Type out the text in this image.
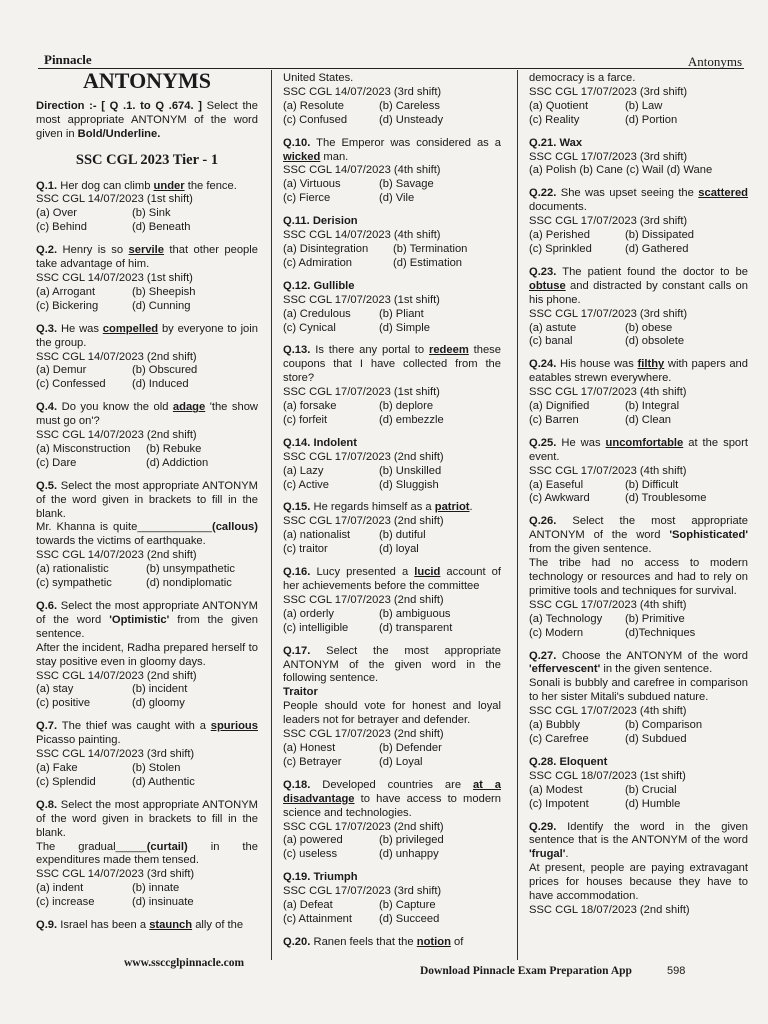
Pinnacle	Antonyms
ANTONYMS
Direction :- [ Q .1. to Q .674. ] Select the most appropriate ANTONYM of the word given in Bold/Underline.
SSC CGL 2023 Tier - 1
Q.1. Her dog can climb under the fence.
SSC CGL 14/07/2023 (1st shift)
(a) Over	(b) Sink
(c) Behind	(d) Beneath
Q.2. Henry is so servile that other people take advantage of him.
SSC CGL 14/07/2023 (1st shift)
(a) Arrogant	(b) Sheepish
(c) Bickering	(d) Cunning
Q.3. He was compelled by everyone to join the group.
SSC CGL 14/07/2023 (2nd shift)
(a) Demur	(b) Obscured
(c) Confessed	(d) Induced
Q.4. Do you know the old adage 'the show must go on'?
SSC CGL 14/07/2023 (2nd shift)
(a) Misconstruction	(b) Rebuke
(c) Dare	(d) Addiction
Q.5. Select the most appropriate ANTONYM of the word given in brackets to fill in the blank.
Mr. Khanna is quite____________(callous) towards the victims of earthquake.
SSC CGL 14/07/2023 (2nd shift)
(a) rationalistic	(b) unsympathetic
(c) sympathetic	(d) nondiplomatic
Q.6. Select the most appropriate ANTONYM of the word 'Optimistic' from the given sentence.
After the incident, Radha prepared herself to stay positive even in gloomy days.
SSC CGL 14/07/2023 (2nd shift)
(a) stay	(b) incident
(c) positive	(d) gloomy
Q.7. The thief was caught with a spurious Picasso painting.
SSC CGL 14/07/2023 (3rd shift)
(a) Fake	(b) Stolen
(c) Splendid	(d) Authentic
Q.8. Select the most appropriate ANTONYM of the word given in brackets to fill in the blank.
The gradual_____(curtail) in the expenditures made them tensed.
SSC CGL 14/07/2023 (3rd shift)
(a) indent	(b) innate
(c) increase	(d) insinuate
Q.9. Israel has been a staunch ally of the
United States.
SSC CGL 14/07/2023 (3rd shift)
(a) Resolute	(b) Careless
(c) Confused	(d) Unsteady
Q.10. The Emperor was considered as a wicked man.
SSC CGL 14/07/2023 (4th shift)
(a) Virtuous	(b) Savage
(c) Fierce	(d) Vile
Q.11. Derision
SSC CGL 14/07/2023 (4th shift)
(a) Disintegration	(b) Termination
(c) Admiration	(d) Estimation
Q.12. Gullible
SSC CGL 17/07/2023 (1st shift)
(a) Credulous	(b) Pliant
(c) Cynical	(d) Simple
Q.13. Is there any portal to redeem these coupons that I have collected from the store?
SSC CGL 17/07/2023 (1st shift)
(a) forsake	(b) deplore
(c) forfeit	(d) embezzle
Q.14. Indolent
SSC CGL 17/07/2023 (2nd shift)
(a) Lazy	(b) Unskilled
(c) Active	(d) Sluggish
Q.15. He regards himself as a patriot.
SSC CGL 17/07/2023 (2nd shift)
(a) nationalist	(b) dutiful
(c) traitor	(d) loyal
Q.16. Lucy presented a lucid account of her achievements before the committee
SSC CGL 17/07/2023 (2nd shift)
(a) orderly	(b) ambiguous
(c) intelligible	(d) transparent
Q.17. Select the most appropriate ANTONYM of the given word in the following sentence.
Traitor
People should vote for honest and loyal leaders not for betrayer and defender.
SSC CGL 17/07/2023 (2nd shift)
(a) Honest	(b) Defender
(c) Betrayer	(d) Loyal
Q.18. Developed countries are at a disadvantage to have access to modern science and technologies.
SSC CGL 17/07/2023 (2nd shift)
(a) powered	(b) privileged
(c) useless	(d) unhappy
Q.19. Triumph
SSC CGL 17/07/2023 (3rd shift)
(a) Defeat	(b) Capture
(c) Attainment	(d) Succeed
Q.20. Ranen feels that the notion of
democracy is a farce.
SSC CGL 17/07/2023 (3rd shift)
(a) Quotient	(b) Law
(c) Reality	(d) Portion
Q.21. Wax
SSC CGL 17/07/2023 (3rd shift)
(a) Polish (b) Cane (c) Wail (d) Wane
Q.22. She was upset seeing the scattered documents.
SSC CGL 17/07/2023 (3rd shift)
(a) Perished	(b) Dissipated
(c) Sprinkled	(d) Gathered
Q.23. The patient found the doctor to be obtuse and distracted by constant calls on his phone.
SSC CGL 17/07/2023 (3rd shift)
(a) astute	(b) obese
(c) banal	(d) obsolete
Q.24. His house was filthy with papers and eatables strewn everywhere.
SSC CGL 17/07/2023 (4th shift)
(a) Dignified	(b) Integral
(c) Barren	(d) Clean
Q.25. He was uncomfortable at the sport event.
SSC CGL 17/07/2023 (4th shift)
(a) Easeful	(b) Difficult
(c) Awkward	(d) Troublesome
Q.26. Select the most appropriate ANTONYM of the word 'Sophisticated' from the given sentence.
The tribe had no access to modern technology or resources and had to rely on primitive tools and techniques for survival.
SSC CGL 17/07/2023 (4th shift)
(a) Technology	(b) Primitive
(c) Modern	(d)Techniques
Q.27. Choose the ANTONYM of the word 'effervescent' in the given sentence.
Sonali is bubbly and carefree in comparison to her sister Mitali's subdued nature.
SSC CGL 17/07/2023 (4th shift)
(a) Bubbly	(b) Comparison
(c) Carefree	(d) Subdued
Q.28. Eloquent
SSC CGL 18/07/2023 (1st shift)
(a) Modest	(b) Crucial
(c) Impotent	(d) Humble
Q.29. Identify the word in the given sentence that is the ANTONYM of the word 'frugal'.
At present, people are paying extravagant prices for houses because they have to have accommodation.
SSC CGL 18/07/2023 (2nd shift)
www.ssccglpinnacle.com
Download Pinnacle Exam Preparation App	598
